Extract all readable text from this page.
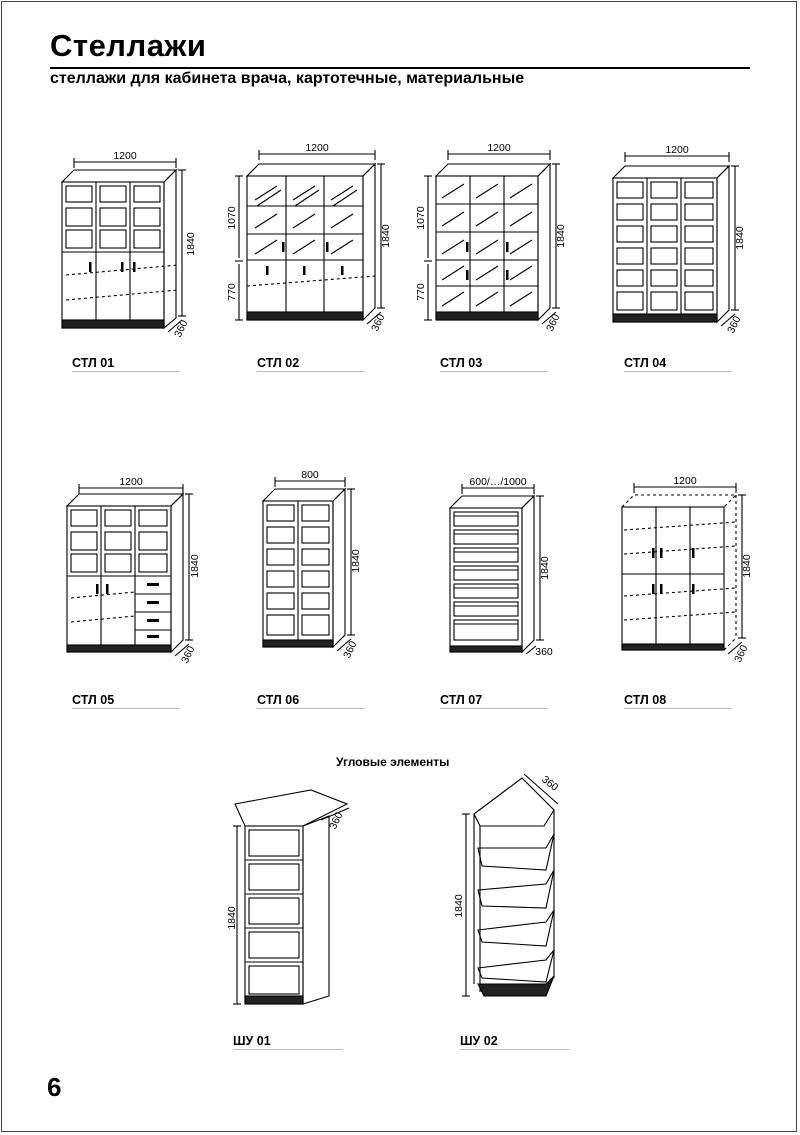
Стеллажи
стеллажи для кабинета врача, картотечные, материальные
1200
1840
360
СТЛ 01
1200
1070
770
1840
360
СТЛ 02
1200
1070
770
1840
360
СТЛ 03
1200
1840
360
СТЛ 04
1200
1840
360
СТЛ 05
800
1840
360
СТЛ 06
600/…/1000
1840
360
СТЛ 07
1200
1840
360
СТЛ 08
Угловые элементы
1840
360
ШУ 01
1840
360
ШУ 02
6
